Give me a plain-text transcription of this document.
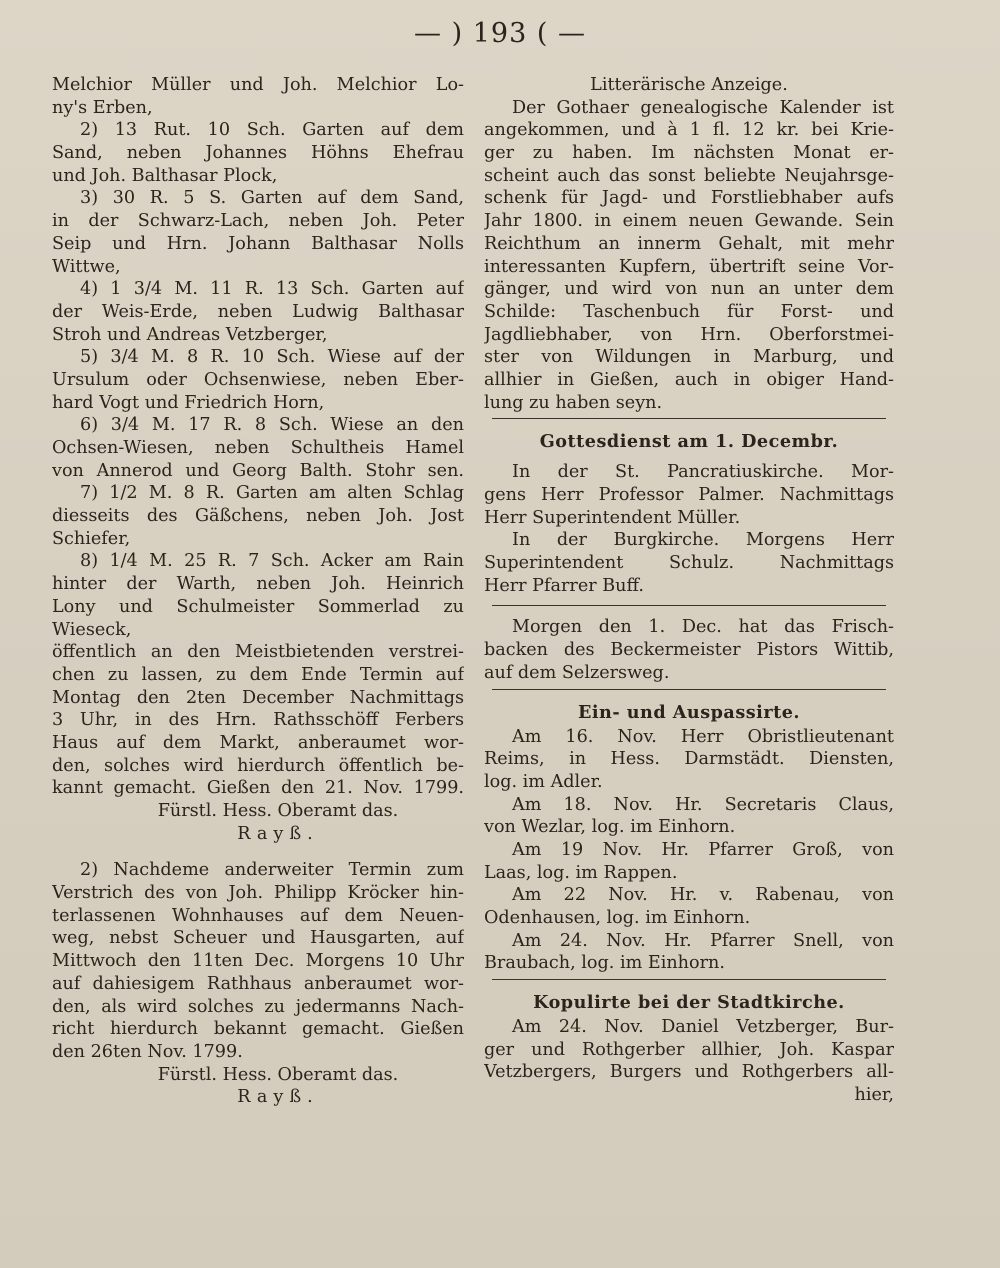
— ) 193 ( —
Melchior Müller und Joh. Melchior Lo-
ny's Erben,
2) 13 Rut. 10 Sch. Garten auf dem
Sand, neben Johannes Höhns Ehefrau
und Joh. Balthasar Plock,
3) 30 R. 5 S. Garten auf dem Sand,
in der Schwarz-Lach, neben Joh. Peter
Seip und Hrn. Johann Balthasar Nolls
Wittwe,
4) 1 3/4 M. 11 R. 13 Sch. Garten auf
der Weis-Erde, neben Ludwig Balthasar
Stroh und Andreas Vetzberger,
5) 3/4 M. 8 R. 10 Sch. Wiese auf der
Ursulum oder Ochsenwiese, neben Eber-
hard Vogt und Friedrich Horn,
6) 3/4 M. 17 R. 8 Sch. Wiese an den
Ochsen-Wiesen, neben Schultheis Hamel
von Annerod und Georg Balth. Stohr sen.
7) 1/2 M. 8 R. Garten am alten Schlag
diesseits des Gäßchens, neben Joh. Jost
Schiefer,
8) 1/4 M. 25 R. 7 Sch. Acker am Rain
hinter der Warth, neben Joh. Heinrich
Lony und Schulmeister Sommerlad zu
Wieseck,
öffentlich an den Meistbietenden verstrei-
chen zu lassen, zu dem Ende Termin auf
Montag den 2ten December Nachmittags
3 Uhr, in des Hrn. Rathsschöff Ferbers
Haus auf dem Markt, anberaumet wor-
den, solches wird hierdurch öffentlich be-
kannt gemacht. Gießen den 21. Nov. 1799.
Fürstl. Hess. Oberamt das.
Rayß.
2) Nachdeme anderweiter Termin zum
Verstrich des von Joh. Philipp Kröcker hin-
terlassenen Wohnhauses auf dem Neuen-
weg, nebst Scheuer und Hausgarten, auf
Mittwoch den 11ten Dec. Morgens 10 Uhr
auf dahiesigem Rathhaus anberaumet wor-
den, als wird solches zu jedermanns Nach-
richt hierdurch bekannt gemacht. Gießen
den 26ten Nov. 1799.
Fürstl. Hess. Oberamt das.
Rayß.
Litterärische Anzeige.
Der Gothaer genealogische Kalender ist
angekommen, und à 1 fl. 12 kr. bei Krie-
ger zu haben. Im nächsten Monat er-
scheint auch das sonst beliebte Neujahrsge-
schenk für Jagd- und Forstliebhaber aufs
Jahr 1800. in einem neuen Gewande. Sein
Reichthum an innerm Gehalt, mit mehr
interessanten Kupfern, übertrift seine Vor-
gänger, und wird von nun an unter dem
Schilde: Taschenbuch für Forst- und
Jagdliebhaber, von Hrn. Oberforstmei-
ster von Wildungen in Marburg, und
allhier in Gießen, auch in obiger Hand-
lung zu haben seyn.
Gottesdienst am 1. Decembr.
In der St. Pancratiuskirche. Mor-
gens Herr Professor Palmer. Nachmittags
Herr Superintendent Müller.
In der Burgkirche. Morgens Herr
Superintendent Schulz. Nachmittags
Herr Pfarrer Buff.
Morgen den 1. Dec. hat das Frisch-
backen des Beckermeister Pistors Wittib,
auf dem Selzersweg.
Ein- und Auspassirte.
Am 16. Nov. Herr Obristlieutenant
Reims, in Hess. Darmstädt. Diensten,
log. im Adler.
Am 18. Nov. Hr. Secretaris Claus,
von Wezlar, log. im Einhorn.
Am 19 Nov. Hr. Pfarrer Groß, von
Laas, log. im Rappen.
Am 22 Nov. Hr. v. Rabenau, von
Odenhausen, log. im Einhorn.
Am 24. Nov. Hr. Pfarrer Snell, von
Braubach, log. im Einhorn.
Kopulirte bei der Stadtkirche.
Am 24. Nov. Daniel Vetzberger, Bur-
ger und Rothgerber allhier, Joh. Kaspar
Vetzbergers, Burgers und Rothgerbers all-
hier,
